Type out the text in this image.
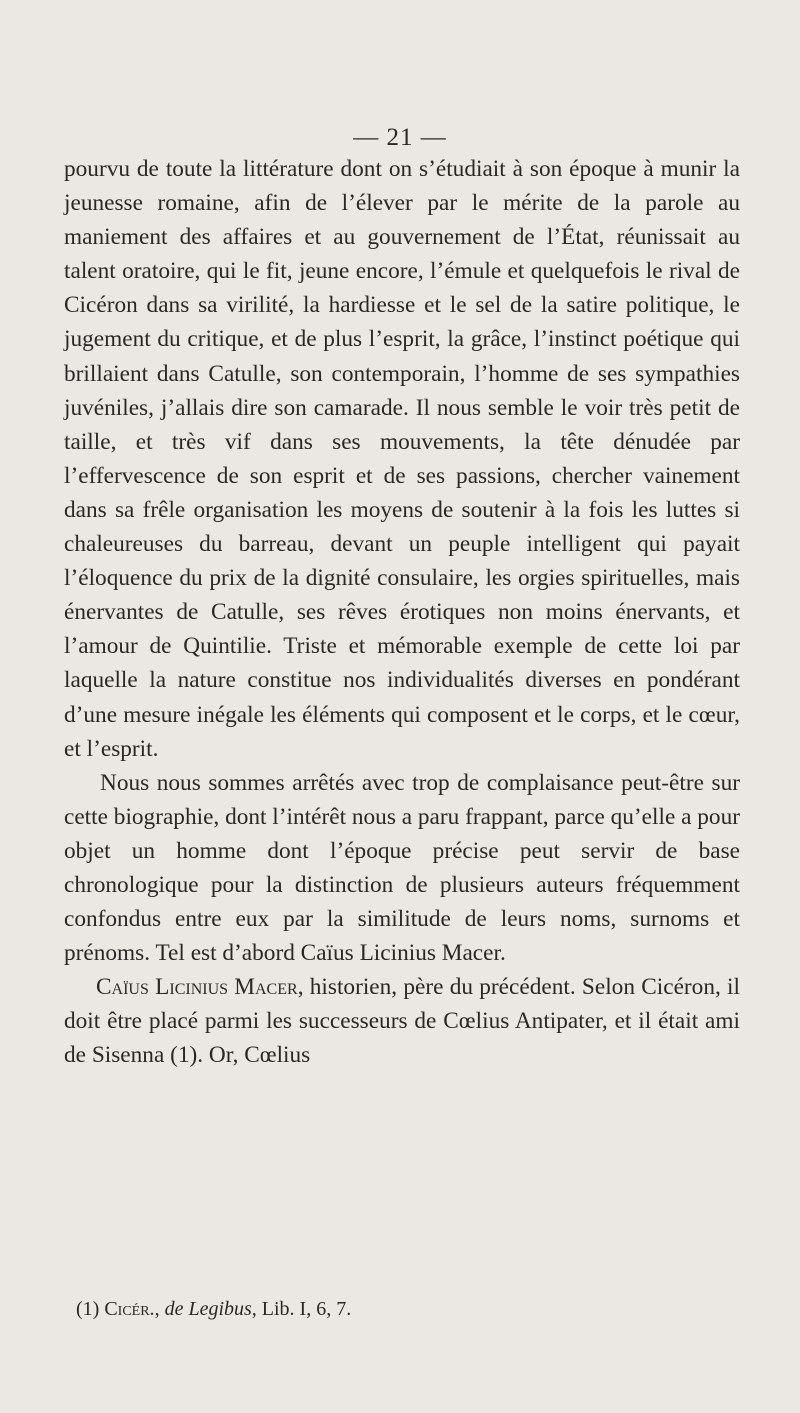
— 21 —

pourvu de toute la littérature dont on s’étudiait à son époque à munir la jeunesse romaine, afin de l’élever par le mérite de la parole au maniement des affaires et au gouvernement de l’État, réunissait au talent oratoire, qui le fit, jeune encore, l’émule et quelquefois le rival de Cicéron dans sa virilité, la hardiesse et le sel de la satire politique, le jugement du critique, et de plus l’esprit, la grâce, l’instinct poétique qui brillaient dans Catulle, son contemporain, l’homme de ses sympathies juvéniles, j’allais dire son camarade. Il nous semble le voir très petit de taille, et très vif dans ses mouvements, la tête dénudée par l’effervescence de son esprit et de ses passions, chercher vainement dans sa frêle organisation les moyens de soutenir à la fois les luttes si chaleureuses du barreau, devant un peuple intelligent qui payait l’éloquence du prix de la dignité consulaire, les orgies spirituelles, mais énervantes de Catulle, ses rêves érotiques non moins énervants, et l’amour de Quintilie. Triste et mémorable exemple de cette loi par laquelle la nature constitue nos individualités diverses en pondérant d’une mesure inégale les éléments qui composent et le corps, et le cœur, et l’esprit.

Nous nous sommes arrêtés avec trop de complaisance peut-être sur cette biographie, dont l’intérêt nous a paru frappant, parce qu’elle a pour objet un homme dont l’époque précise peut servir de base chronologique pour la distinction de plusieurs auteurs fréquemment confondus entre eux par la similitude de leurs noms, surnoms et prénoms. Tel est d’abord Caïus Licinius Macer.

Caïus Licinius Macer, historien, père du précédent. Selon Cicéron, il doit être placé parmi les successeurs de Cœlius Antipater, et il était ami de Sisenna (1). Or, Cœlius

(1) Cicér., de Legibus, Lib. I, 6, 7.
